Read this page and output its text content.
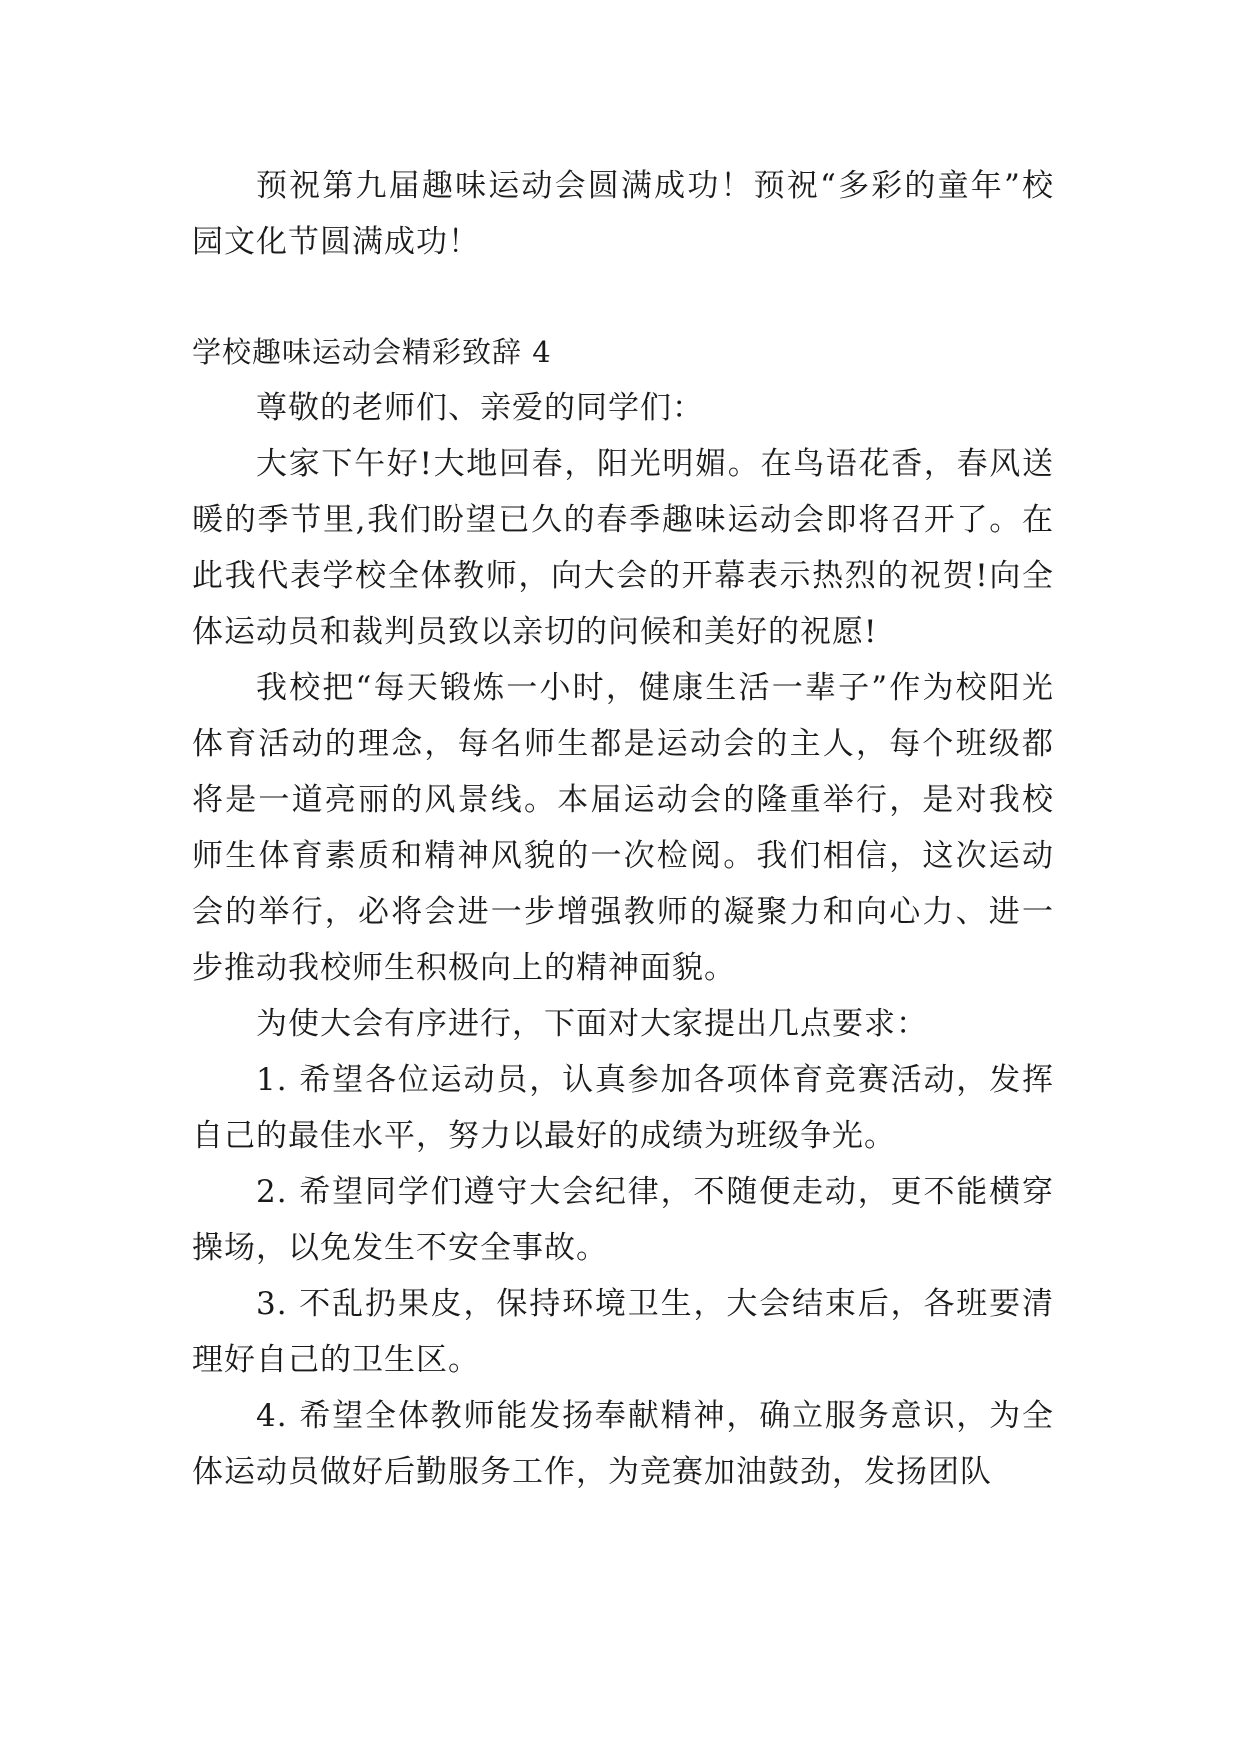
预祝第九届趣味运动会圆满成功！预祝“多彩的童年”校园文化节圆满成功！

学校趣味运动会精彩致辞 4

尊敬的老师们、亲爱的同学们：

大家下午好!大地回春，阳光明媚。在鸟语花香，春风送暖的季节里,我们盼望已久的春季趣味运动会即将召开了。在此我代表学校全体教师，向大会的开幕表示热烈的祝贺!向全体运动员和裁判员致以亲切的问候和美好的祝愿!

我校把“每天锻炼一小时，健康生活一辈子”作为校阳光体育活动的理念，每名师生都是运动会的主人，每个班级都将是一道亮丽的风景线。本届运动会的隆重举行，是对我校师生体育素质和精神风貌的一次检阅。我们相信，这次运动会的举行，必将会进一步增强教师的凝聚力和向心力、进一步推动我校师生积极向上的精神面貌。

为使大会有序进行，下面对大家提出几点要求：

1. 希望各位运动员，认真参加各项体育竞赛活动，发挥自己的最佳水平，努力以最好的成绩为班级争光。

2. 希望同学们遵守大会纪律，不随便走动，更不能横穿操场，以免发生不安全事故。

3. 不乱扔果皮，保持环境卫生，大会结束后，各班要清理好自己的卫生区。

4. 希望全体教师能发扬奉献精神，确立服务意识，为全体运动员做好后勤服务工作，为竞赛加油鼓劲，发扬团队
